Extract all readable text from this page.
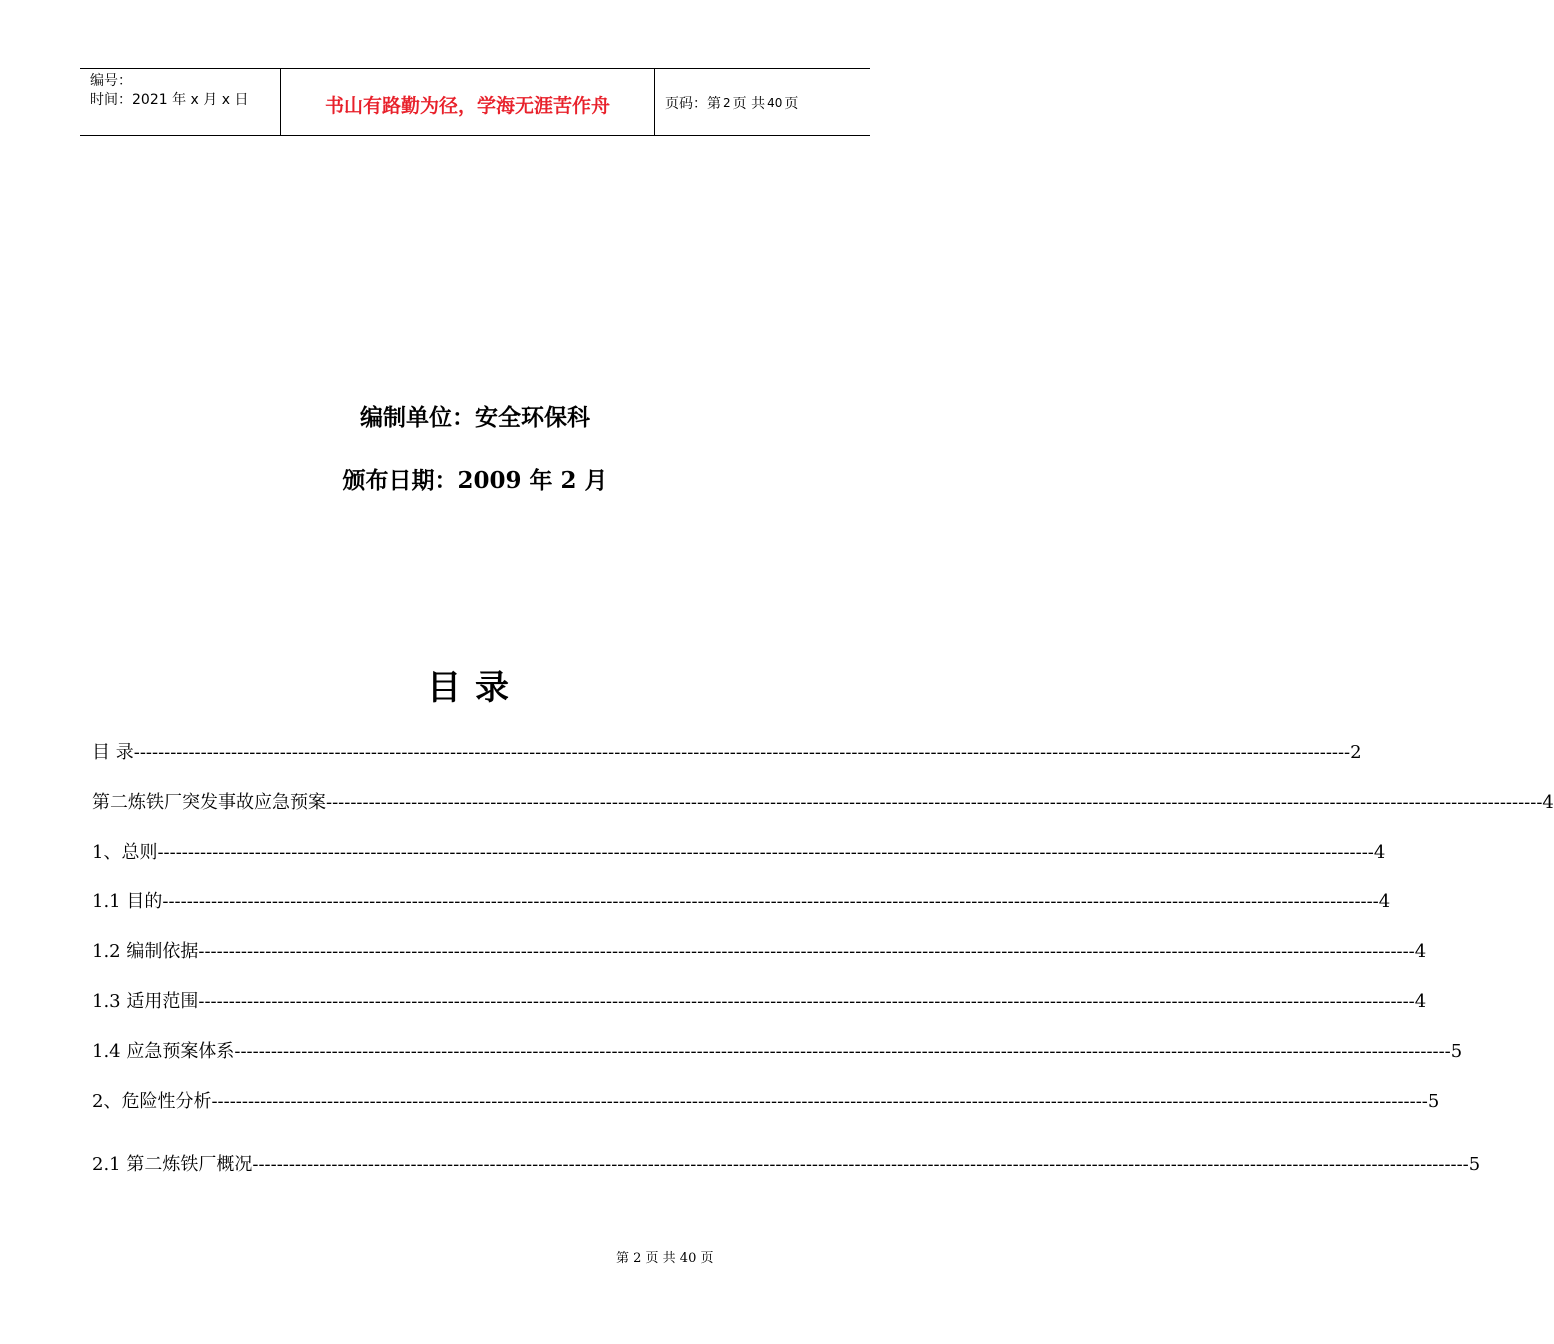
编号：
时间：2021 年 x 月 x 日	书山有路勤为径，学海无涯苦作舟	页码：第 2 页 共 40 页
编制单位：安全环保科
颁布日期：2009 年 2 月
目录
目 录 -------------------------------------------------------------------------------------------------------------------------------------------------------------------------------------------------------- 2
第二炼铁厂突发事故应急预案 -------------------------------------------------------------------------------------------------------------------------------------------------------------------------------------------------------- 4
1、总则 -------------------------------------------------------------------------------------------------------------------------------------------------------------------------------------------------------- 4
1.1 目的 -------------------------------------------------------------------------------------------------------------------------------------------------------------------------------------------------------- 4
1.2 编制依据 -------------------------------------------------------------------------------------------------------------------------------------------------------------------------------------------------------- 4
1.3 适用范围 -------------------------------------------------------------------------------------------------------------------------------------------------------------------------------------------------------- 4
1.4 应急预案体系 -------------------------------------------------------------------------------------------------------------------------------------------------------------------------------------------------------- 5
2、危险性分析 -------------------------------------------------------------------------------------------------------------------------------------------------------------------------------------------------------- 5
2.1 第二炼铁厂概况 -------------------------------------------------------------------------------------------------------------------------------------------------------------------------------------------------------- 5
第 2 页 共 40 页
